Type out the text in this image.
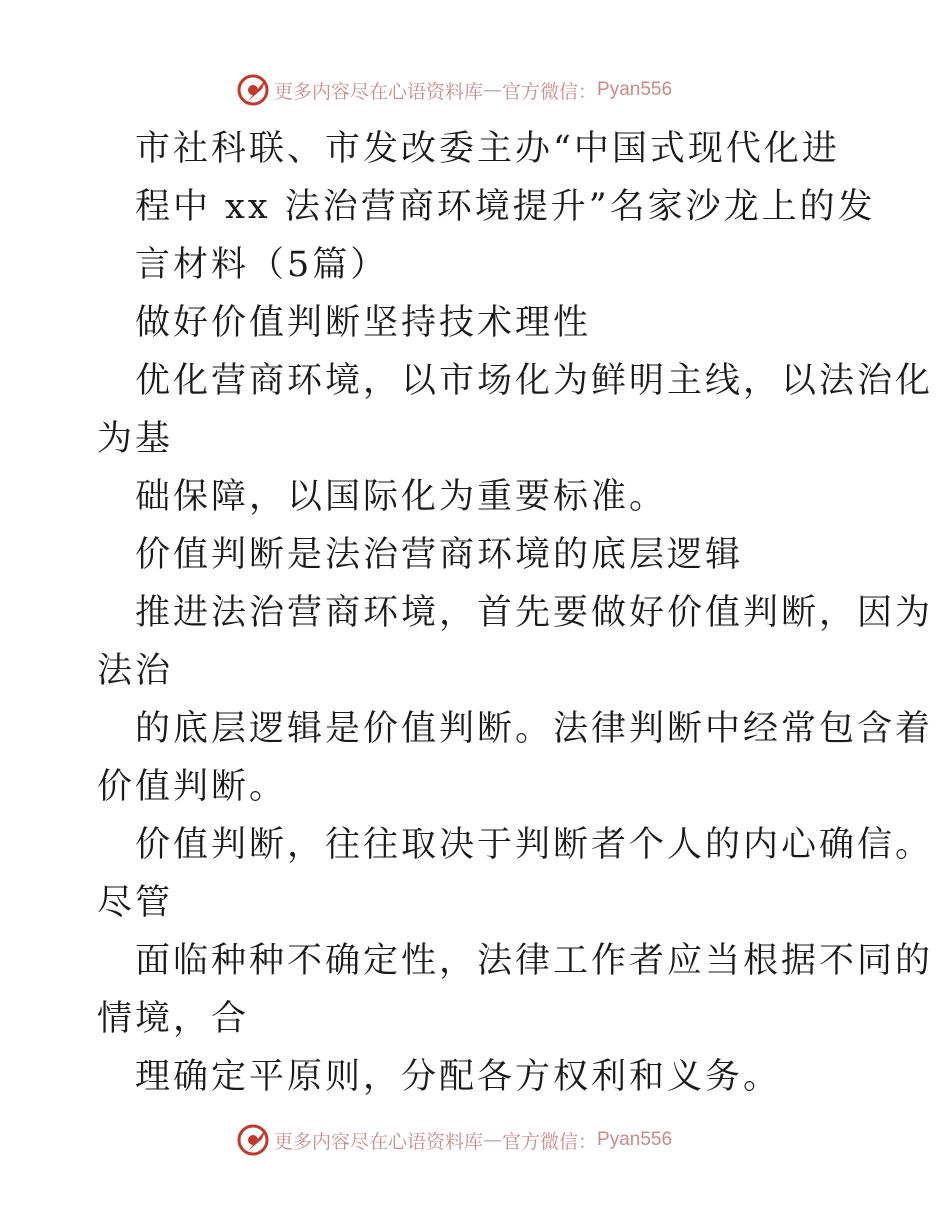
更多内容尽在心语资料库 — 官方微信： Pyan556
市社科联、市发改委主办“中国式现代化进
程中 xx 法治营商环境提升”名家沙龙上的发
言材料（5篇）
做好价值判断坚持技术理性
优化营商环境，以市场化为鲜明主线，以法治化
为基
础保障，以国际化为重要标准。
价值判断是法治营商环境的底层逻辑
推进法治营商环境，首先要做好价值判断，因为
法治
的底层逻辑是价值判断。法律判断中经常包含着
价值判断。
价值判断，往往取决于判断者个人的内心确信。
尽管
面临种种不确定性，法律工作者应当根据不同的
情境，合
理确定平原则，分配各方权利和义务。
更多内容尽在心语资料库 — 官方微信： Pyan556
